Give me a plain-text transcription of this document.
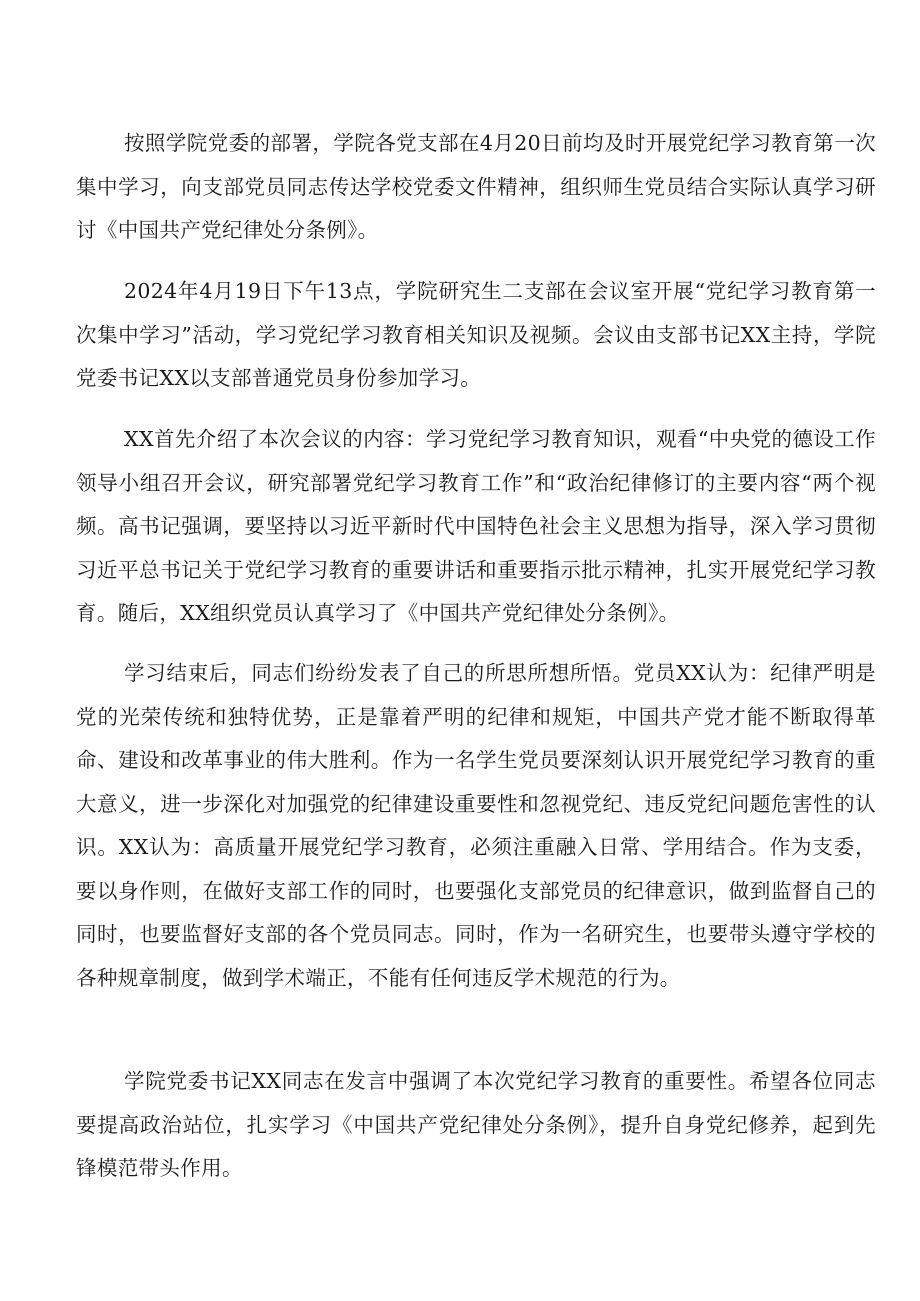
按照学院党委的部署，学院各党支部在4月20日前均及时开展党纪学习教育第一次集中学习，向支部党员同志传达学校党委文件精神，组织师生党员结合实际认真学习研讨《中国共产党纪律处分条例》。

2024年4月19日下午13点，学院研究生二支部在会议室开展“党纪学习教育第一次集中学习”活动，学习党纪学习教育相关知识及视频。会议由支部书记XX主持，学院党委书记XX以支部普通党员身份参加学习。

XX首先介绍了本次会议的内容：学习党纪学习教育知识，观看“中央党的德设工作领导小组召开会议，研究部署党纪学习教育工作”和“政治纪律修订的主要内容“两个视频。高书记强调，要坚持以习近平新时代中国特色社会主义思想为指导，深入学习贯彻习近平总书记关于党纪学习教育的重要讲话和重要指示批示精神，扎实开展党纪学习教育。随后，XX组织党员认真学习了《中国共产党纪律处分条例》。

学习结束后，同志们纷纷发表了自己的所思所想所悟。党员XX认为：纪律严明是党的光荣传统和独特优势，正是靠着严明的纪律和规矩，中国共产党才能不断取得革命、建设和改革事业的伟大胜利。作为一名学生党员要深刻认识开展党纪学习教育的重大意义，进一步深化对加强党的纪律建设重要性和忽视党纪、违反党纪问题危害性的认识。XX认为：高质量开展党纪学习教育，必须注重融入日常、学用结合。作为支委，要以身作则，在做好支部工作的同时，也要强化支部党员的纪律意识，做到监督自己的同时，也要监督好支部的各个党员同志。同时，作为一名研究生，也要带头遵守学校的各种规章制度，做到学术端正，不能有任何违反学术规范的行为。

学院党委书记XX同志在发言中强调了本次党纪学习教育的重要性。希望各位同志要提高政治站位，扎实学习《中国共产党纪律处分条例》，提升自身党纪修养，起到先锋模范带头作用。
